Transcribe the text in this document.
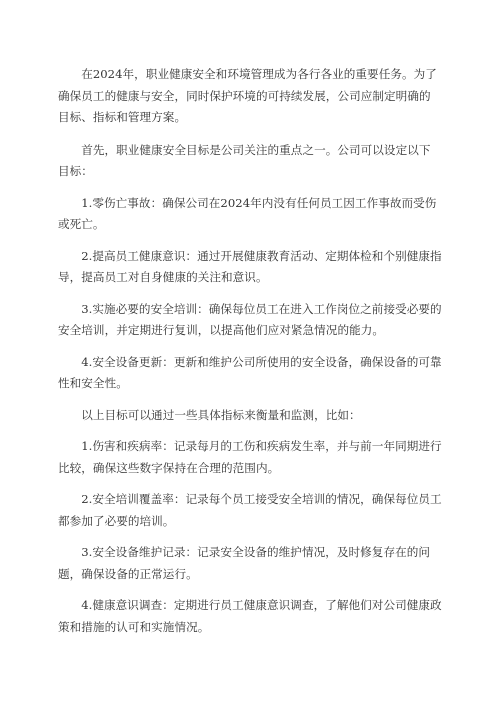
在2024年，职业健康安全和环境管理成为各行各业的重要任务。为了确保员工的健康与安全，同时保护环境的可持续发展，公司应制定明确的目标、指标和管理方案。

首先，职业健康安全目标是公司关注的重点之一。公司可以设定以下目标：

1.零伤亡事故：确保公司在2024年内没有任何员工因工作事故而受伤或死亡。

2.提高员工健康意识：通过开展健康教育活动、定期体检和个别健康指导，提高员工对自身健康的关注和意识。

3.实施必要的安全培训：确保每位员工在进入工作岗位之前接受必要的安全培训，并定期进行复训，以提高他们应对紧急情况的能力。

4.安全设备更新：更新和维护公司所使用的安全设备，确保设备的可靠性和安全性。

以上目标可以通过一些具体指标来衡量和监测，比如：

1.伤害和疾病率：记录每月的工伤和疾病发生率，并与前一年同期进行比较，确保这些数字保持在合理的范围内。

2.安全培训覆盖率：记录每个员工接受安全培训的情况，确保每位员工都参加了必要的培训。

3.安全设备维护记录：记录安全设备的维护情况，及时修复存在的问题，确保设备的正常运行。

4.健康意识调查：定期进行员工健康意识调查，了解他们对公司健康政策和措施的认可和实施情况。
